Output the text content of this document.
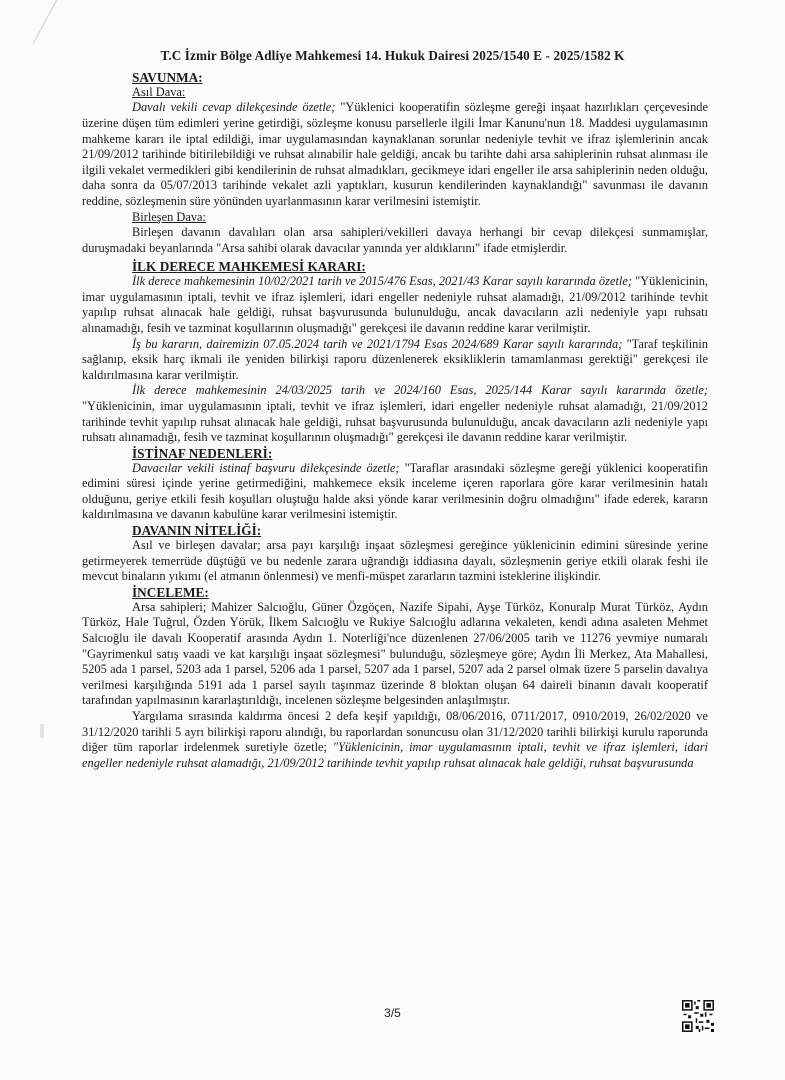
T.C İzmir Bölge Adliye Mahkemesi 14. Hukuk Dairesi 2025/1540 E - 2025/1582 K
SAVUNMA:
Asıl Dava:

Davalı vekili cevap dilekçesinde özetle; "Yüklenici kooperatifin sözleşme gereği inşaat hazırlıkları çerçevesinde üzerine düşen tüm edimleri yerine getirdiği, sözleşme konusu parsellerle ilgili İmar Kanunu'nun 18. Maddesi uygulamasının mahkeme kararı ile iptal edildiği, imar uygulamasından kaynaklanan sorunlar nedeniyle tevhit ve ifraz işlemlerinin ancak 21/09/2012 tarihinde bitirilebildiği ve ruhsat alınabilir hale geldiği, ancak bu tarihte dahi arsa sahiplerinin ruhsat alınması ile ilgili vekalet vermedikleri gibi kendilerinin de ruhsat almadıkları, gecikmeye idari engeller ile arsa sahiplerinin neden olduğu, daha sonra da 05/07/2013 tarihinde vekalet azli yaptıkları, kusurun kendilerinden kaynaklandığı" savunması ile davanın reddine, sözleşmenin süre yönünden uyarlanmasının karar verilmesini istemiştir.

Birleşen Dava:

Birleşen davanın davalıları olan arsa sahipleri/vekilleri davaya herhangi bir cevap dilekçesi sunmamışlar, duruşmadaki beyanlarında "Arsa sahibi olarak davacılar yanında yer aldıklarını" ifade etmişlerdir.

İLK DERECE MAHKEMESİ KARARI:

İlk derece mahkemesinin 10/02/2021 tarih ve 2015/476 Esas, 2021/43 Karar sayılı kararında özetle; "Yüklenicinin, imar uygulamasının iptali, tevhit ve ifraz işlemleri, idari engeller nedeniyle ruhsat alamadığı, 21/09/2012 tarihinde tevhit yapılıp ruhsat alınacak hale geldiği, ruhsat başvurusunda bulunulduğu, ancak davacıların azli nedeniyle yapı ruhsatı alınamadığı, fesih ve tazminat koşullarının oluşmadığı" gerekçesi ile davanın reddine karar verilmiştir.

İş bu kararın, dairemizin 07.05.2024 tarih ve 2021/1794 Esas 2024/689 Karar sayılı kararında; "Taraf teşkilinin sağlanıp, eksik harç ikmali ile yeniden bilirkişi raporu düzenlenerek eksikliklerin tamamlanması gerektiği" gerekçesi ile kaldırılmasına karar verilmiştir.

İlk derece mahkemesinin 24/03/2025 tarih ve 2024/160 Esas, 2025/144 Karar sayılı kararında özetle; "Yüklenicinin, imar uygulamasının iptali, tevhit ve ifraz işlemleri, idari engeller nedeniyle ruhsat alamadığı, 21/09/2012 tarihinde tevhit yapılıp ruhsat alınacak hale geldiği, ruhsat başvurusunda bulunulduğu, ancak davacıların azli nedeniyle yapı ruhsatı alınamadığı, fesih ve tazminat koşullarının oluşmadığı" gerekçesi ile davanın reddine karar verilmiştir.

İSTİNAF NEDENLERİ:

Davacılar vekili istinaf başvuru dilekçesinde özetle; "Taraflar arasındaki sözleşme gereği yüklenici kooperatifin edimini süresi içinde yerine getirmediğini, mahkemece eksik inceleme içeren raporlara göre karar verilmesinin hatalı olduğunu, geriye etkili fesih koşulları oluştuğu halde aksi yönde karar verilmesinin doğru olmadığını" ifade ederek, kararın kaldırılmasına ve davanın kabulüne karar verilmesini istemiştir.

DAVANIN NİTELİĞİ:

Asıl ve birleşen davalar; arsa payı karşılığı inşaat sözleşmesi gereğince yüklenicinin edimini süresinde yerine getirmeyerek temerrüde düştüğü ve bu nedenle zarara uğrandığı iddiasına dayalı, sözleşmenin geriye etkili olarak feshi ile mevcut binaların yıkımı (el atmanın önlenmesi) ve menfi-müspet zararların tazmini isteklerine ilişkindir.

İNCELEME:

Arsa sahipleri; Mahizer Salcıoğlu, Güner Özgöçen, Nazife Sipahi, Ayşe Türköz, Konuralp Murat Türköz, Aydın Türköz, Hale Tuğrul, Özden Yörük, İlkem Salcıoğlu ve Rukiye Salcıoğlu adlarına vekaleten, kendi adına asaleten Mehmet Salcıoğlu ile davalı Kooperatif arasında Aydın 1. Noterliği'nce düzenlenen 27/06/2005 tarih ve 11276 yevmiye numaralı "Gayrimenkul satış vaadi ve kat karşılığı inşaat sözleşmesi" bulunduğu, sözleşmeye göre; Aydın İli Merkez, Ata Mahallesi, 5205 ada 1 parsel, 5203 ada 1 parsel, 5206 ada 1 parsel, 5207 ada 1 parsel, 5207 ada 2 parsel olmak üzere 5 parselin davalıya verilmesi karşılığında 5191 ada 1 parsel sayılı taşınmaz üzerinde 8 bloktan oluşan 64 daireli binanın davalı kooperatif tarafından yapılmasının kararlaştırıldığı, incelenen sözleşme belgesinden anlaşılmıştır.

Yargılama sırasında kaldırma öncesi 2 defa keşif yapıldığı, 08/06/2016, 0711/2017, 0910/2019, 26/02/2020 ve 31/12/2020 tarihli 5 ayrı bilirkişi raporu alındığı, bu raporlardan sonuncusu olan 31/12/2020 tarihli bilirkişi kurulu raporunda diğer tüm raporlar irdelenmek suretiyle özetle; "Yüklenicinin, imar uygulamasının iptali, tevhit ve ifraz işlemleri, idari engeller nedeniyle ruhsat alamadığı, 21/09/2012 tarihinde tevhit yapılıp ruhsat alınacak hale geldiği, ruhsat başvurusunda

3/5
